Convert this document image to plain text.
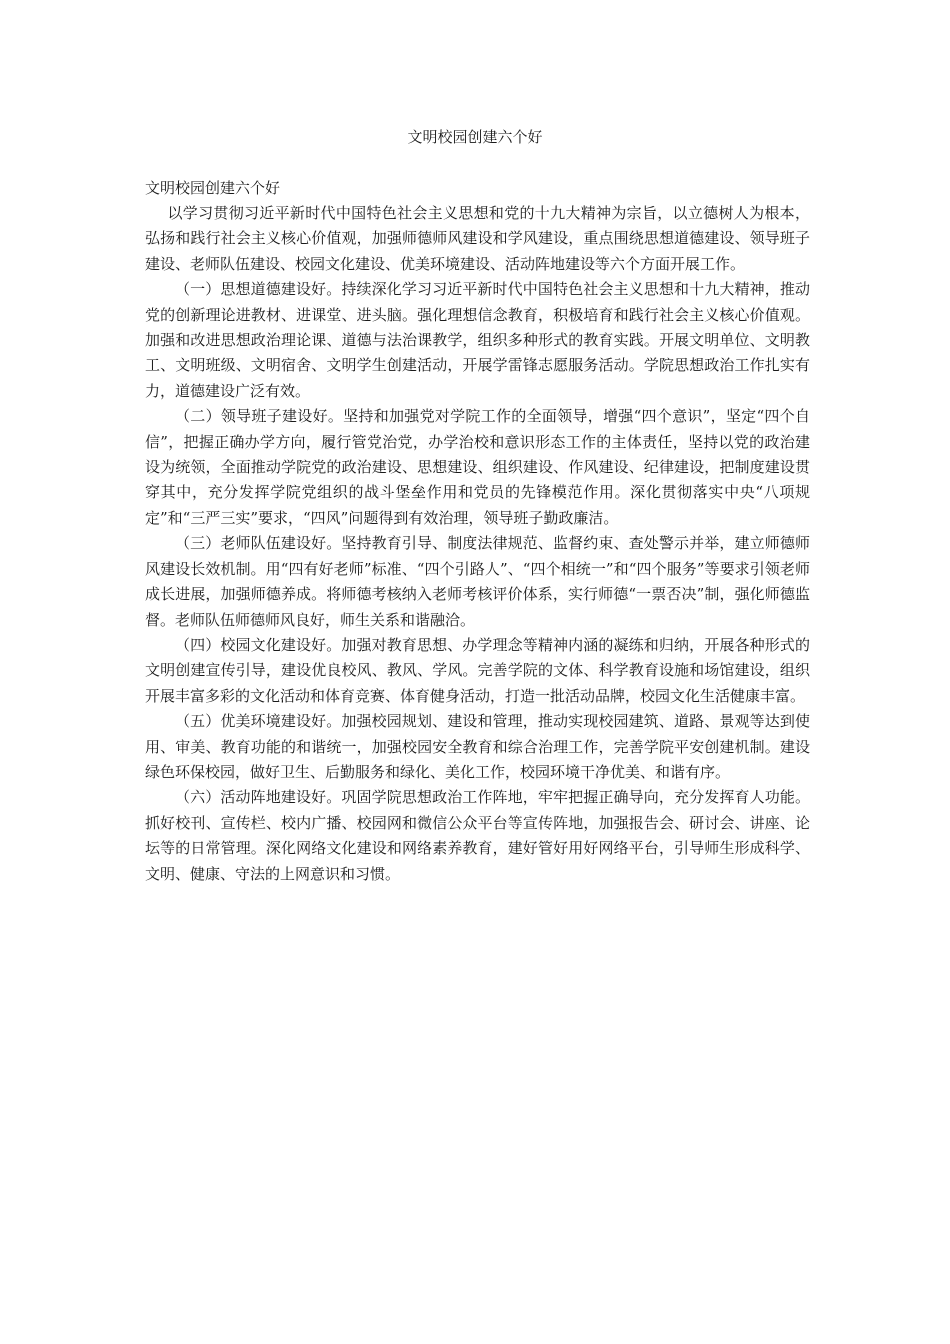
文明校园创建六个好

文明校园创建六个好

以学习贯彻习近平新时代中国特色社会主义思想和党的十九大精神为宗旨，以立德树人为根本，弘扬和践行社会主义核心价值观，加强师德师风建设和学风建设，重点围绕思想道德建设、领导班子建设、老师队伍建设、校园文化建设、优美环境建设、活动阵地建设等六个方面开展工作。

（一）思想道德建设好。持续深化学习习近平新时代中国特色社会主义思想和十九大精神，推动党的创新理论进教材、进课堂、进头脑。强化理想信念教育，积极培育和践行社会主义核心价值观。加强和改进思想政治理论课、道德与法治课教学，组织多种形式的教育实践。开展文明单位、文明教工、文明班级、文明宿舍、文明学生创建活动，开展学雷锋志愿服务活动。学院思想政治工作扎实有力，道德建设广泛有效。

（二）领导班子建设好。坚持和加强党对学院工作的全面领导，增强“四个意识”，坚定“四个自信”，把握正确办学方向，履行管党治党，办学治校和意识形态工作的主体责任，坚持以党的政治建设为统领，全面推动学院党的政治建设、思想建设、组织建设、作风建设、纪律建设，把制度建设贯穿其中，充分发挥学院党组织的战斗堡垒作用和党员的先锋模范作用。深化贯彻落实中央“八项规定”和“三严三实”要求，“四风”问题得到有效治理，领导班子勤政廉洁。

（三）老师队伍建设好。坚持教育引导、制度法律规范、监督约束、查处警示并举，建立师德师风建设长效机制。用“四有好老师”标准、“四个引路人”、“四个相统一”和“四个服务”等要求引领老师成长进展，加强师德养成。将师德考核纳入老师考核评价体系，实行师德“一票否决”制，强化师德监督。老师队伍师德师风良好，师生关系和谐融洽。

（四）校园文化建设好。加强对教育思想、办学理念等精神内涵的凝练和归纳，开展各种形式的文明创建宣传引导，建设优良校风、教风、学风。完善学院的文体、科学教育设施和场馆建设，组织开展丰富多彩的文化活动和体育竞赛、体育健身活动，打造一批活动品牌，校园文化生活健康丰富。

（五）优美环境建设好。加强校园规划、建设和管理，推动实现校园建筑、道路、景观等达到使用、审美、教育功能的和谐统一，加强校园安全教育和综合治理工作，完善学院平安创建机制。建设绿色环保校园，做好卫生、后勤服务和绿化、美化工作，校园环境干净优美、和谐有序。

（六）活动阵地建设好。巩固学院思想政治工作阵地，牢牢把握正确导向，充分发挥育人功能。抓好校刊、宣传栏、校内广播、校园网和微信公众平台等宣传阵地，加强报告会、研讨会、讲座、论坛等的日常管理。深化网络文化建设和网络素养教育，建好管好用好网络平台，引导师生形成科学、文明、健康、守法的上网意识和习惯。
